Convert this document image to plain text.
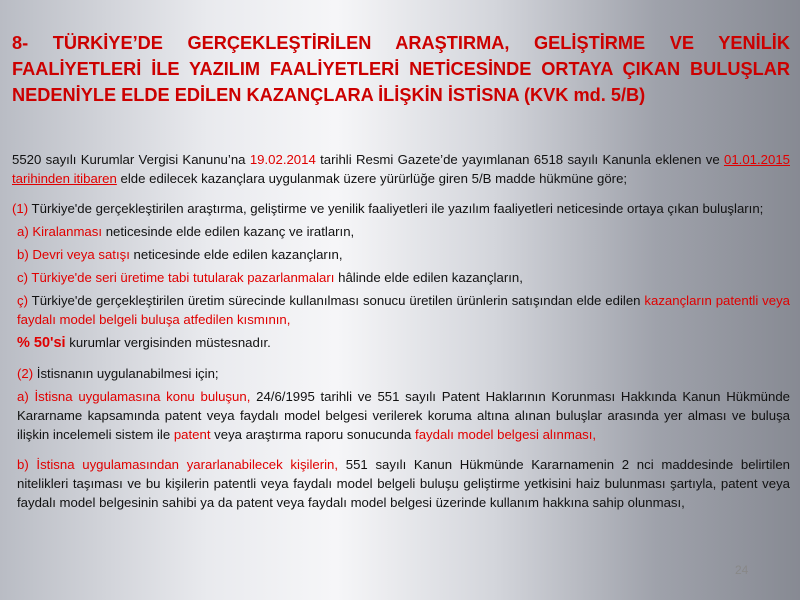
8- TÜRKİYE’DE GERÇEKLEŞTİRİLEN ARAŞTIRMA, GELİŞTİRME VE YENİLİK FAALİYETLERİ İLE YAZILIM FAALİYETLERİ NETİCESİNDE ORTAYA ÇIKAN BULUŞLAR NEDENİYLE ELDE EDİLEN KAZANÇLARA İLİŞKİN İSTİSNA (KVK md. 5/B)

5520 sayılı Kurumlar Vergisi Kanunu’na 19.02.2014 tarihli Resmi Gazete’de yayımlanan 6518 sayılı Kanunla eklenen ve 01.01.2015 tarihinden itibaren elde edilecek kazançlara uygulanmak üzere yürürlüğe giren 5/B madde hükmüne göre;

(1) Türkiye'de gerçekleştirilen araştırma, geliştirme ve yenilik faaliyetleri ile yazılım faaliyetleri neticesinde ortaya çıkan buluşların;

a) Kiralanması neticesinde elde edilen kazanç ve iratların,

b) Devri veya satışı neticesinde elde edilen kazançların,

c) Türkiye'de seri üretime tabi tutularak pazarlanmaları hâlinde elde edilen kazançların,

ç) Türkiye'de gerçekleştirilen üretim sürecinde kullanılması sonucu üretilen ürünlerin satışından elde edilen kazançların patentli veya faydalı model belgeli buluşa atfedilen kısmının,

% 50'si kurumlar vergisinden müstesnadır.

(2) İstisnanın uygulanabilmesi için;

a) İstisna uygulamasına konu buluşun, 24/6/1995 tarihli ve 551 sayılı Patent Haklarının Korunması Hakkında Kanun Hükmünde Kararname kapsamında patent veya faydalı model belgesi verilerek koruma altına alınan buluşlar arasında yer alması ve buluşa ilişkin incelemeli sistem ile patent veya araştırma raporu sonucunda faydalı model belgesi alınması,

b) İstisna uygulamasından yararlanabilecek kişilerin, 551 sayılı Kanun Hükmünde Kararnamenin 2 nci maddesinde belirtilen nitelikleri taşıması ve bu kişilerin patentli veya faydalı model belgeli buluşu geliştirme yetkisini haiz bulunması şartıyla, patent veya faydalı model belgesinin sahibi ya da patent veya faydalı model belgesi üzerinde kullanım hakkına sahip olunması,

24
